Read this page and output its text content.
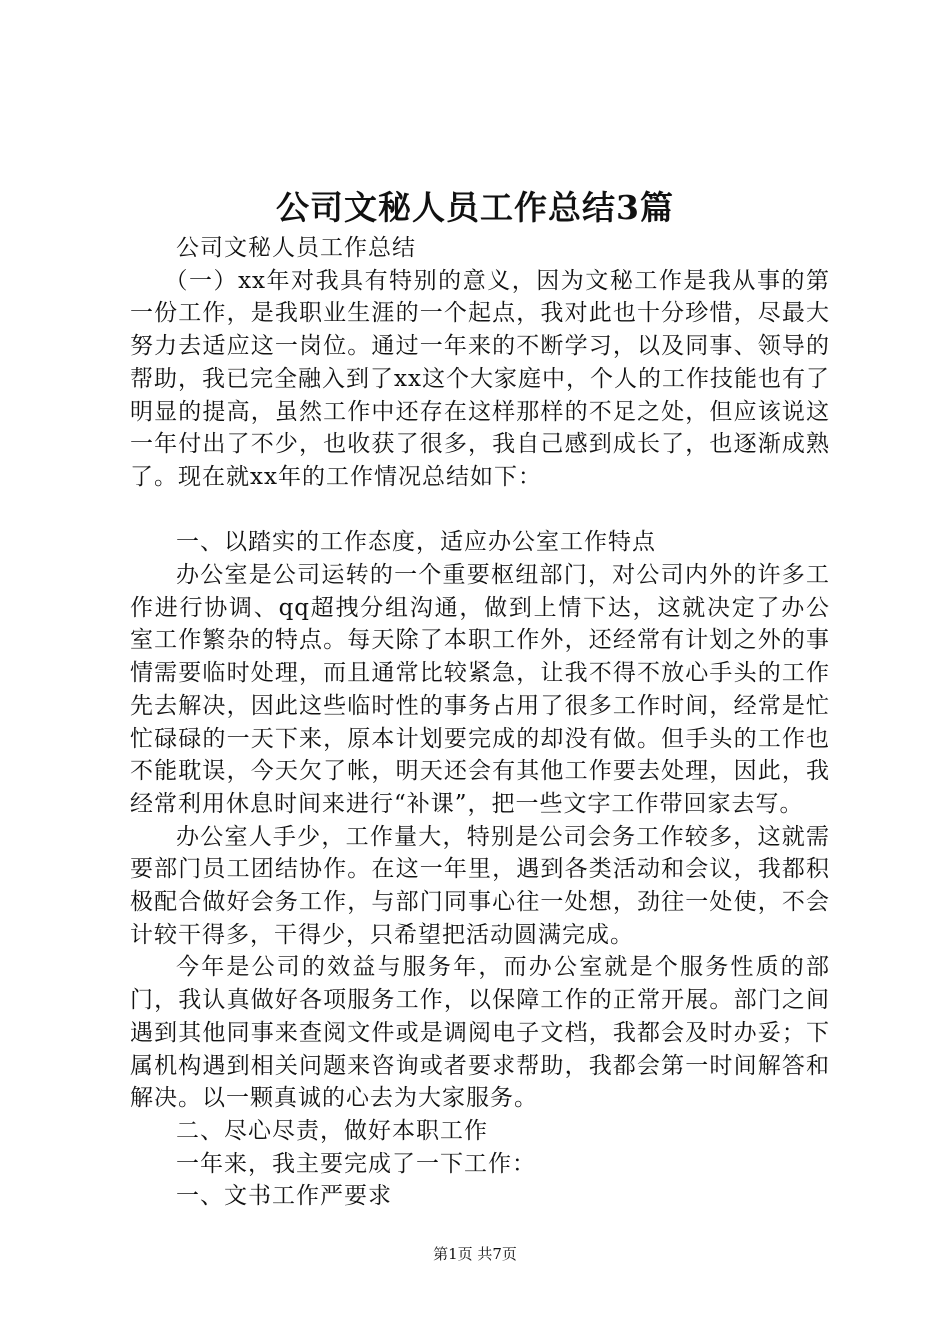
公司文秘人员工作总结3篇

公司文秘人员工作总结

（一）xx年对我具有特别的意义，因为文秘工作是我从事的第一份工作，是我职业生涯的一个起点，我对此也十分珍惜，尽最大努力去适应这一岗位。通过一年来的不断学习，以及同事、领导的帮助，我已完全融入到了xx这个大家庭中，个人的工作技能也有了明显的提高，虽然工作中还存在这样那样的不足之处，但应该说这一年付出了不少，也收获了很多，我自己感到成长了，也逐渐成熟了。现在就xx年的工作情况总结如下：

一、以踏实的工作态度，适应办公室工作特点

办公室是公司运转的一个重要枢纽部门，对公司内外的许多工作进行协调、qq超拽分组沟通，做到上情下达，这就决定了办公室工作繁杂的特点。每天除了本职工作外，还经常有计划之外的事情需要临时处理，而且通常比较紧急，让我不得不放心手头的工作先去解决，因此这些临时性的事务占用了很多工作时间，经常是忙忙碌碌的一天下来，原本计划要完成的却没有做。但手头的工作也不能耽误，今天欠了帐，明天还会有其他工作要去处理，因此，我经常利用休息时间来进行“补课”，把一些文字工作带回家去写。

办公室人手少，工作量大，特别是公司会务工作较多，这就需要部门员工团结协作。在这一年里，遇到各类活动和会议，我都积极配合做好会务工作，与部门同事心往一处想，劲往一处使，不会计较干得多，干得少，只希望把活动圆满完成。

今年是公司的效益与服务年，而办公室就是个服务性质的部门，我认真做好各项服务工作，以保障工作的正常开展。部门之间遇到其他同事来查阅文件或是调阅电子文档，我都会及时办妥；下属机构遇到相关问题来咨询或者要求帮助，我都会第一时间解答和解决。以一颗真诚的心去为大家服务。

二、尽心尽责，做好本职工作

一年来，我主要完成了一下工作：

一、文书工作严要求

第1页 共7页
